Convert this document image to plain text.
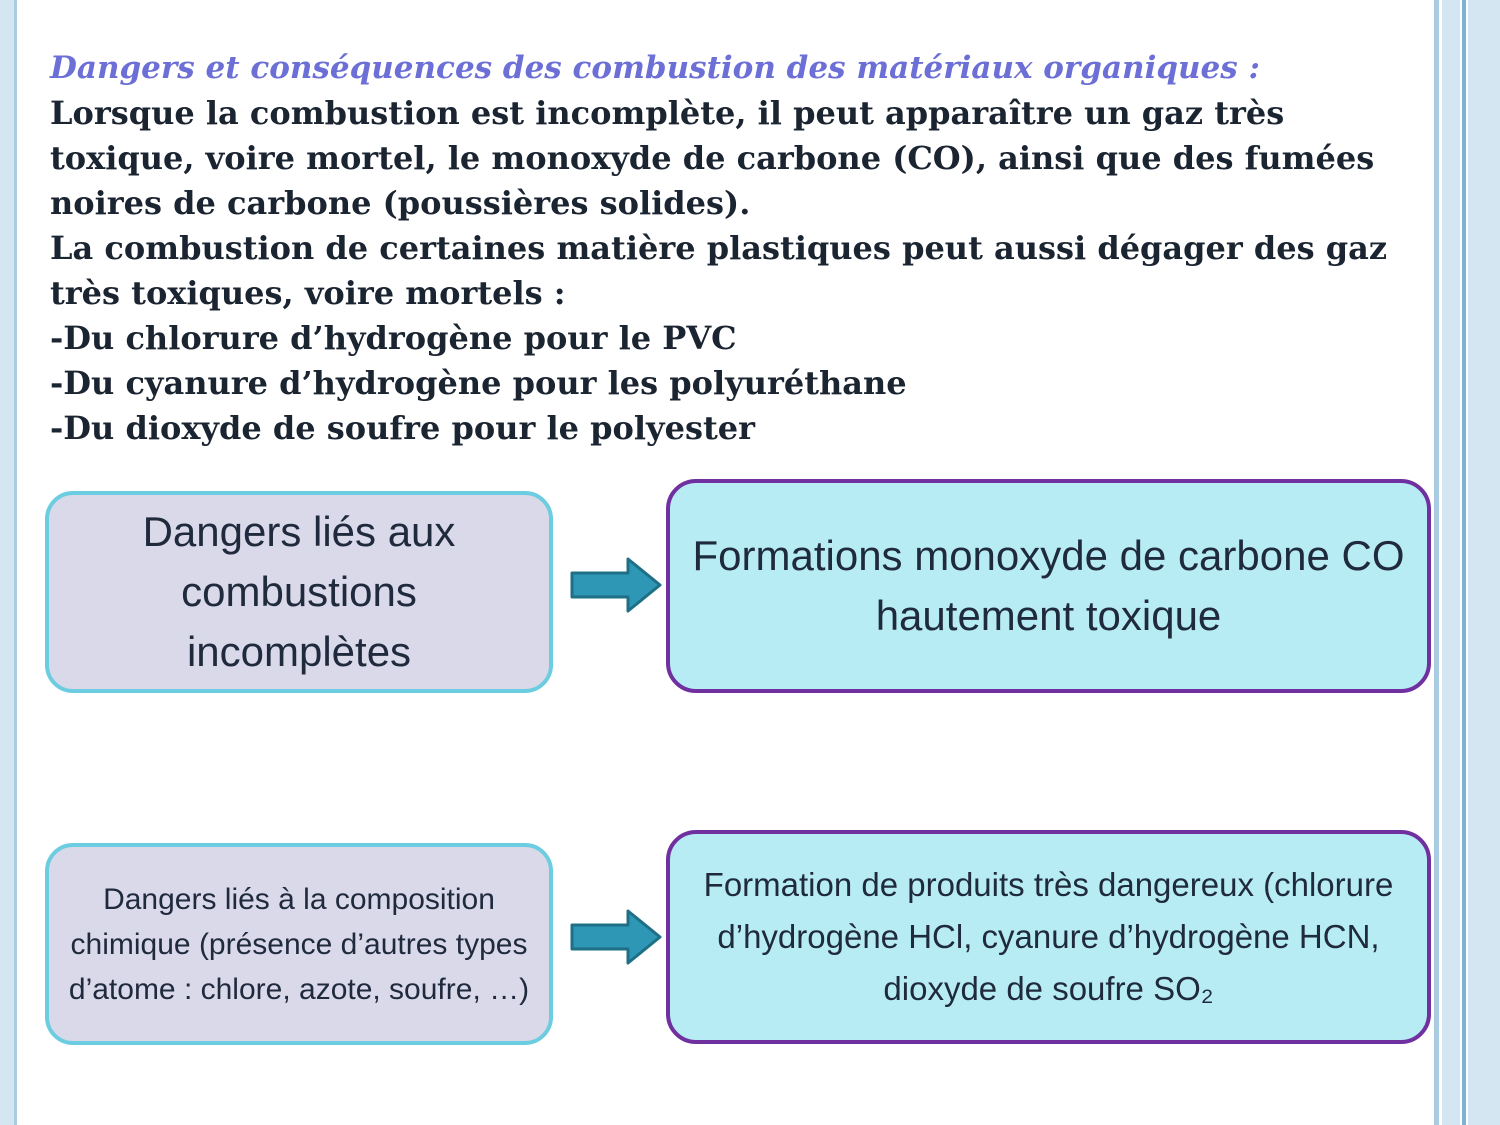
Dangers et conséquences des combustion des matériaux organiques :
Lorsque la combustion est incomplète, il peut apparaître un gaz très toxique, voire mortel, le monoxyde de carbone (CO), ainsi que des fumées noires de carbone (poussières solides).
La combustion de certaines matière plastiques peut aussi dégager des gaz très toxiques, voire mortels :
-Du chlorure d’hydrogène pour le PVC
-Du cyanure d’hydrogène pour les polyuréthane
-Du dioxyde de soufre pour le polyester
Dangers liés aux combustions incomplètes
Formations monoxyde de carbone CO hautement toxique
Dangers liés à la composition chimique (présence d’autres types d’atome : chlore, azote, soufre, …)
Formation de produits très dangereux (chlorure d’hydrogène HCl, cyanure d’hydrogène HCN, dioxyde de soufre SO₂
